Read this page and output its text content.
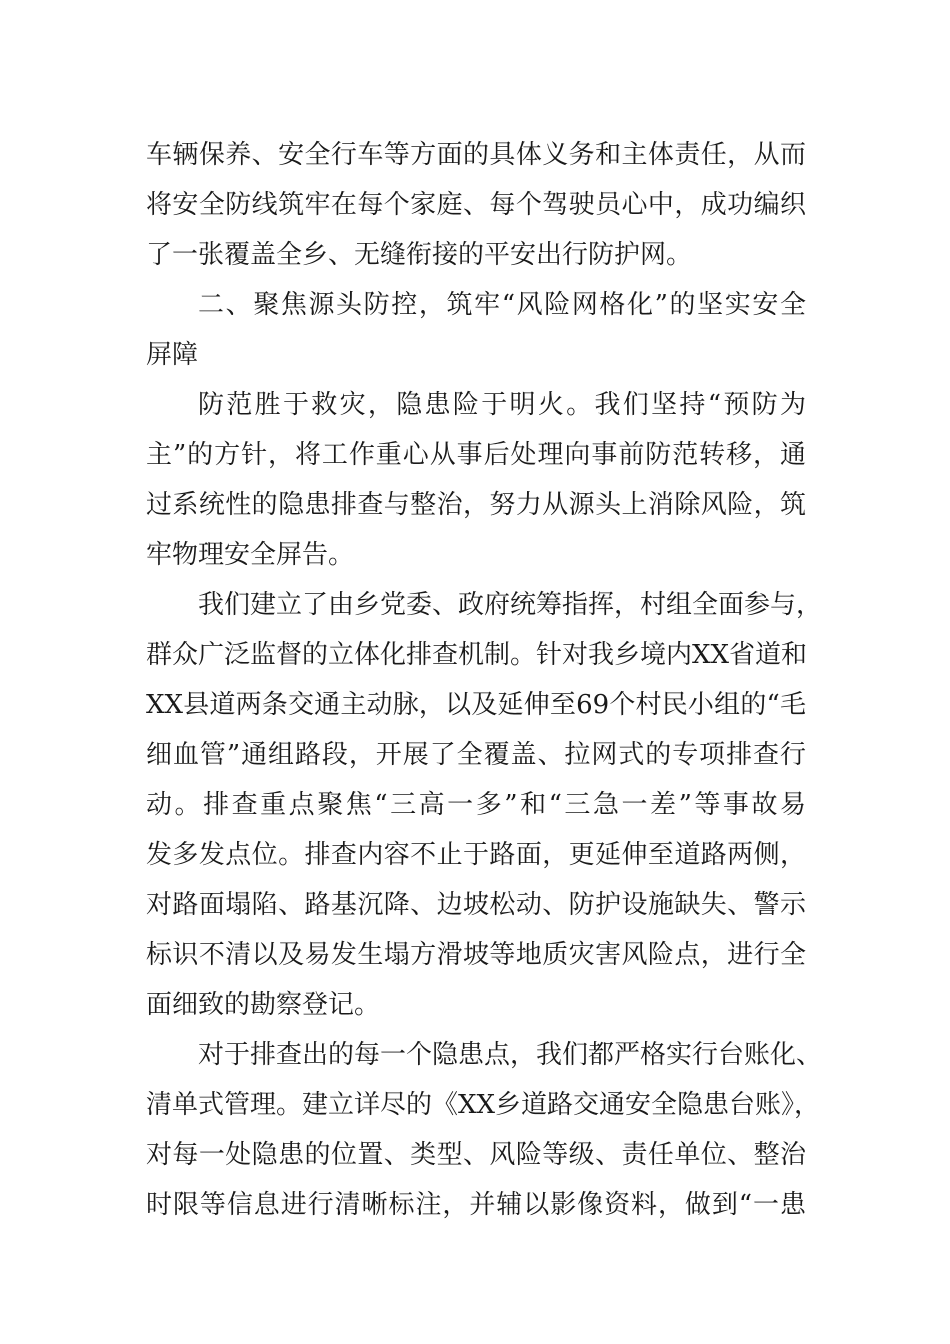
车辆保养、安全行车等方面的具体义务和主体责任，从而
将安全防线筑牢在每个家庭、每个驾驶员心中，成功编织
了一张覆盖全乡、无缝衔接的平安出行防护网。
二、聚焦源头防控，筑牢“风险网格化”的坚实安全
屏障
防范胜于救灾，隐患险于明火。我们坚持“预防为
主”的方针，将工作重心从事后处理向事前防范转移，通
过系统性的隐患排查与整治，努力从源头上消除风险，筑
牢物理安全屏告。
我们建立了由乡党委、政府统筹指挥，村组全面参与，
群众广泛监督的立体化排查机制。针对我乡境内XX省道和
XX县道两条交通主动脉，以及延伸至69个村民小组的“毛
细血管”通组路段，开展了全覆盖、拉网式的专项排查行
动。排查重点聚焦“三高一多”和“三急一差”等事故易
发多发点位。排查内容不止于路面，更延伸至道路两侧，
对路面塌陷、路基沉降、边坡松动、防护设施缺失、警示
标识不清以及易发生塌方滑坡等地质灾害风险点，进行全
面细致的勘察登记。
对于排查出的每一个隐患点，我们都严格实行台账化、
清单式管理。建立详尽的《XX乡道路交通安全隐患台账》，
对每一处隐患的位置、类型、风险等级、责任单位、整治
时限等信息进行清晰标注，并辅以影像资料，做到“一患
